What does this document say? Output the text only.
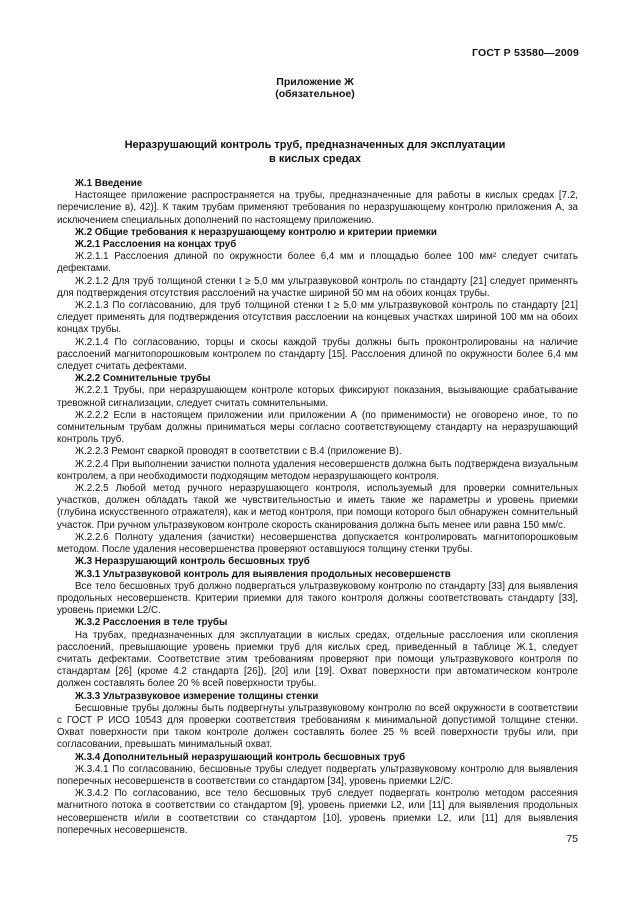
ГОСТ Р 53580—2009
Приложение Ж
(обязательное)
Неразрушающий контроль труб, предназначенных для эксплуатации
в кислых средах
Ж.1 Введение
Настоящее приложение распространяется на трубы, предназначенные для работы в кислых средах [7.2, перечисление в), 42)]. К таким трубам применяют требования по неразрушающему контролю приложения А, за исключением специальных дополнений по настоящему приложению.
Ж.2 Общие требования к неразрушающему контролю и критерии приемки
Ж.2.1 Расслоения на концах труб
Ж.2.1.1 Расслоения длиной по окружности более 6,4 мм и площадью более 100 мм² следует считать дефектами.
Ж.2.1.2 Для труб толщиной стенки t ≥ 5,0 мм ультразвуковой контроль по стандарту [21] следует применять для подтверждения отсутствия расслоений на участке шириной 50 мм на обоих концах трубы.
Ж.2.1.3 По согласованию, для труб толщиной стенки t ≥ 5,0 мм ультразвуковой контроль по стандарту [21] следует применять для подтверждения отсутствия расслоении на концевых участках шириной 100 мм на обоих концах трубы.
Ж.2.1.4 По согласованию, торцы и скосы каждой трубы должны быть проконтролированы на наличие расслоений магнитопорошковым контролем по стандарту [15]. Расслоения длиной по окружности более 6,4 мм следует считать дефектами.
Ж.2.2 Сомнительные трубы
Ж.2.2.1 Трубы, при неразрушающем контроле которых фиксируют показания, вызывающие срабатывание тревожной сигнализации, следует считать сомнительными.
Ж.2.2.2 Если в настоящем приложении или приложении А (по применимости) не оговорено иное, то по сомнительным трубам должны приниматься меры согласно соответствующему стандарту на неразрушающий контроль труб.
Ж.2.2.3 Ремонт сваркой проводят в соответствии с В.4 (приложение В).
Ж.2.2.4 При выполнении зачистки полнота удаления несовершенств должна быть подтверждена визуальным контролем, а при необходимости подходящим методом неразрушающего контроля.
Ж.2.2.5 Любой метод ручного неразрушающего контроля, используемый для проверки сомнительных участков, должен обладать такой же чувствительностью и иметь такие же параметры и уровень приемки (глубина искусственного отражателя), как и метод контроля, при помощи которого был обнаружен сомнительный участок. При ручном ультразвуковом контроле скорость сканирования должна быть менее или равна 150 мм/с.
Ж.2.2.6 Полноту удаления (зачистки) несовершенства допускается контролировать магнитопорошковым методом. После удаления несовершенства проверяют оставшуюся толщину стенки трубы.
Ж.3 Неразрушающий контроль бесшовных труб
Ж.3.1 Ультразвуковой контроль для выявления продольных несовершенств
Все тело бесшовных труб должно подвергаться ультразвуковому контролю по стандарту [33] для выявления продольных несовершенств. Критерии приемки для такого контроля должны соответствовать стандарту [33], уровень приемки L2/C.
Ж.3.2 Расслоения в теле трубы
На трубах, предназначенных для эксплуатации в кислых средах, отдельные расслоения или скопления расслоений, превышающие уровень приемки труб для кислых сред, приведенный в таблице Ж.1, следует считать дефектами. Соответствие этим требованиям проверяют при помощи ультразвукового контроля по стандартам [26] (кроме 4.2 стандарта [26]), [20] или [19]. Охват поверхности при автоматическом контроле должен составлять более 20 % всей поверхности трубы.
Ж.3.3 Ультразвуковое измерение толщины стенки
Бесшовные трубы должны быть подвергнуты ультразвуковому контролю по всей окружности в соответствии с ГОСТ Р ИСО 10543 для проверки соответствия требованиям к минимальной допустимой толщине стенки. Охват поверхности при таком контроле должен составлять более 25 % всей поверхности трубы или, при согласовании, превышать минимальный охват.
Ж.3.4 Дополнительный неразрушающий контроль бесшовных труб
Ж.3.4.1 По согласованию, бесшовные трубы следует подвергать ультразвуковому контролю для выявления поперечных несовершенств в соответствии со стандартом [34], уровень приемки L2/C.
Ж.3.4.2 По согласованию, все тело бесшовных труб следует подвергать контролю методом рассеяния магнитного потока в соответствии со стандартом [9], уровень приемки L2, или [11] для выявления продольных несовершенств и/или в соответствии со стандартом [10], уровень приемки L2, или [11] для выявления поперечных несовершенств.
75
